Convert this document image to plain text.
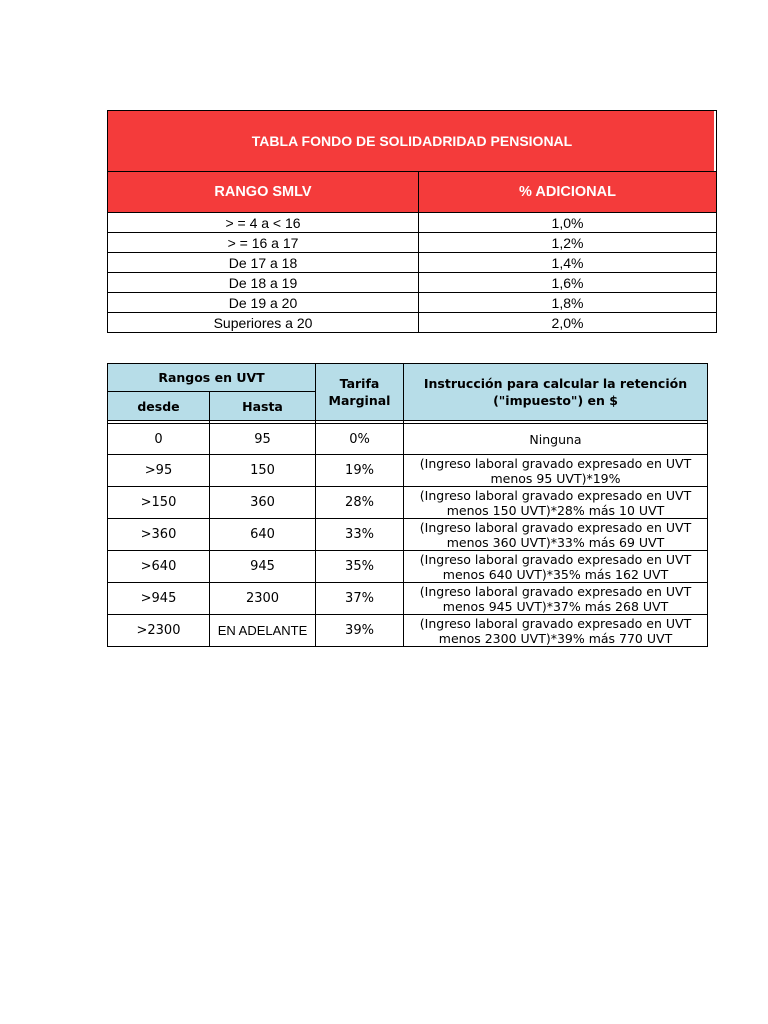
TABLA FONDO DE SOLIDADRIDAD PENSIONAL	
RANGO SMLV	% ADICIONAL
> = 4 a < 16	1,0%
> = 16 a 17	1,2%
De 17 a 18	1,4%
De 18 a 19	1,6%
De 19 a 20	1,8%
Superiores a 20	2,0%
Rangos en UVT		Tarifa Marginal	Instrucción para calcular la retención ("impuesto") en $
desde	Hasta		

0	95	0%	Ninguna

>95	150	19%	(Ingreso laboral gravado expresado en UVT
menos 95 UVT)*19%

>150	360	28%	(Ingreso laboral gravado expresado en UVT
menos 150 UVT)*28% más 10 UVT

>360	640	33%	(Ingreso laboral gravado expresado en UVT
menos 360 UVT)*33% más 69 UVT

>640	945	35%	(Ingreso laboral gravado expresado en UVT
menos 640 UVT)*35% más 162 UVT

>945	2300	37%	(Ingreso laboral gravado expresado en UVT
menos 945 UVT)*37% más 268 UVT

>2300	EN ADELANTE	39%	(Ingreso laboral gravado expresado en UVT
menos 2300 UVT)*39% más 770 UVT
